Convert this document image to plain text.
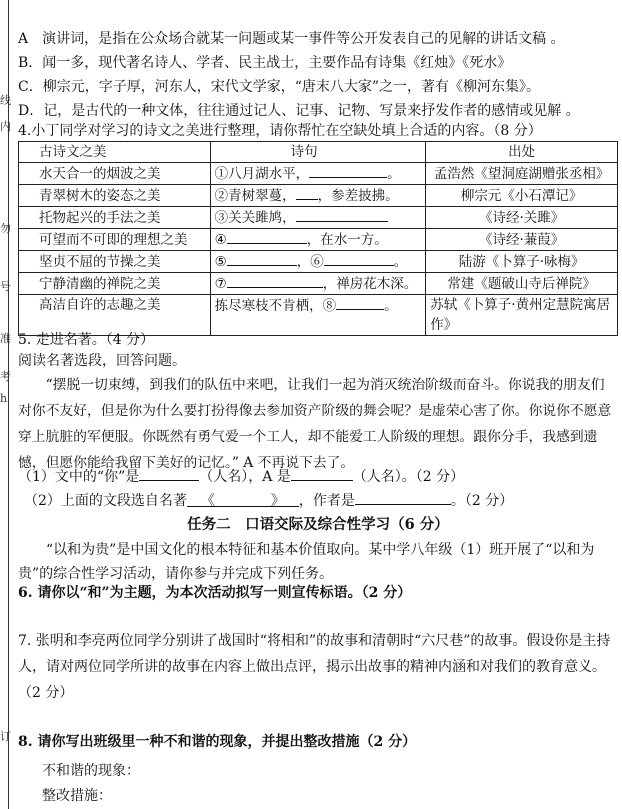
线
内
勿
号
准
考
h
订
A　演讲词，是指在公众场合就某一问题或某一事件等公开发表自己的见解的讲话文稿 。
B．闻一多，现代著名诗人、学者、民主战士，主要作品有诗集《红烛》《死水》
C．柳宗元，字子厚，河东人，宋代文学家，“唐末八大家”之一，著有《柳河东集》。
D．记，是古代的一种文体，往往通过记人、记事、记物、写景来抒发作者的感情或见解 。
4.小丁同学对学习的诗文之美进行整理，请你帮忙在空缺处填上合适的内容。（8 分）
古诗文之美	诗句	出处
水天合一的烟波之美	①八月湖水平， 。	孟浩然《望洞庭湖赠张丞相》
青翠树木的姿态之美	②青树翠蔓， ，参差披拂。	柳宗元《小石潭记》
托物起兴的手法之美	③关关雎鸠，	《诗经·关雎》
可望而不可即的理想之美	④ ，在水一方。	《诗经·蒹葭》
坚贞不屈的节操之美	⑤ ，⑥ 。	陆游《卜算子·咏梅》
宁静清幽的禅院之美	⑦ ，禅房花木深。	常建《题破山寺后禅院》
高洁自许的志趣之美	拣尽寒枝不肯栖，⑧ 。	苏轼《卜算子·黄州定慧院寓居作》
5. 走进名著。（4 分）
阅读名著选段，回答问题。
“摆脱一切束缚，到我们的队伍中来吧，让我们一起为消灭统治阶级而奋斗。你说我的朋友们对你不友好，但是你为什么要打扮得像去参加资产阶级的舞会呢？是虚荣心害了你。你说你不愿意穿上肮脏的军便服。你既然有勇气爱一个工人，却不能爱工人阶级的理想。跟你分手，我感到遗憾，但愿你能给我留下美好的记忆。” A 不再说下去了。
（1）文中的“你”是	（人名），A 是	（人名）。（2 分）
（2）上面的文段选自名著 《	》 ，作者是	。（2 分）
任务二　口语交际及综合性学习（6 分）
“以和为贵”是中国文化的根本特征和基本价值取向。某中学八年级（1）班开展了“以和为贵”的综合性学习活动，请你参与并完成下列任务。
6. 请你以“和”为主题，为本次活动拟写一则宣传标语。（2 分）
7. 张明和李亮两位同学分别讲了战国时“将相和”的故事和清朝时“六尺巷”的故事。假设你是主持人，请对两位同学所讲的故事在内容上做出点评，揭示出故事的精神内涵和对我们的教育意义。（2 分）
8. 请你写出班级里一种不和谐的现象，并提出整改措施（2 分）
不和谐的现象：
整改措施：
